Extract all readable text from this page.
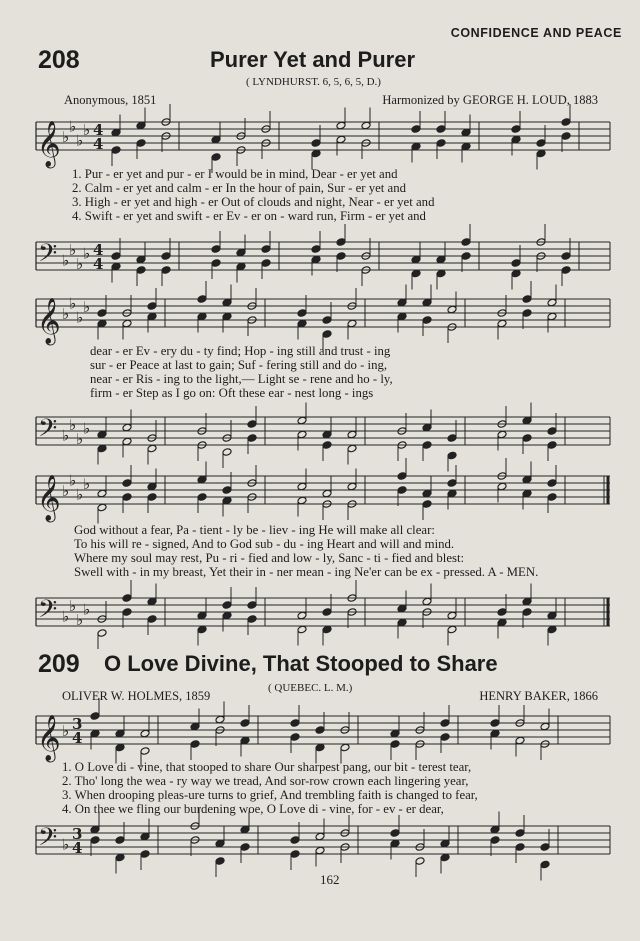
CONFIDENCE AND PEACE
208	Purer Yet and Purer
( LYNDHURST. 6, 5, 6, 5, D.)
Anonymous, 1851	Harmonized by GEORGE H. LOUD, 1883
𝄞 ♭
♭
♭
♭ 4
4
1. Pur - er yet and pur - er I would be in mind, Dear - er yet and
2. Calm - er yet and calm - er In the hour of pain, Sur - er yet and
3. High - er yet and high - er Out of clouds and night, Near - er yet and
4. Swift - er yet and swift - er Ev - er on - ward run, Firm - er yet and
𝄢 ♭
♭
♭
♭ 4
4
𝄞 ♭
♭
♭
♭
dear - er Ev - ery du - ty find; Hop - ing still and trust - ing
sur - er Peace at last to gain; Suf - fering still and do - ing,
near - er Ris - ing to the light,— Light se - rene and ho - ly,
firm - er Step as I go on: Oft these ear - nest long - ings
𝄢 ♭
♭
♭
♭
𝄞 ♭
♭
♭
♭
God without a fear, Pa - tient - ly be - liev - ing He will make all clear:
To his will re - signed, And to God sub - du - ing Heart and will and mind.
Where my soul may rest, Pu - ri - fied and low - ly, Sanc - ti - fied and blest:
Swell with - in my breast, Yet their in - ner mean - ing Ne'er can be ex - pressed. A - MEN.
𝄢 ♭
♭
♭
♭
209 O Love Divine, That Stooped to Share
( QUEBEC. L. M.)
OLIVER W. HOLMES, 1859	HENRY BAKER, 1866
𝄞 ♭ 3
4
1. O Love di - vine, that stooped to share Our sharpest pang, our bit - terest tear,
2. Tho' long the wea - ry way we tread, And sor-row crown each lingering year,
3. When drooping pleas-ure turns to grief, And trembling faith is changed to fear,
4. On thee we fling our burdening woe, O Love di - vine, for - ev - er dear,
𝄢 ♭
3
4
162
